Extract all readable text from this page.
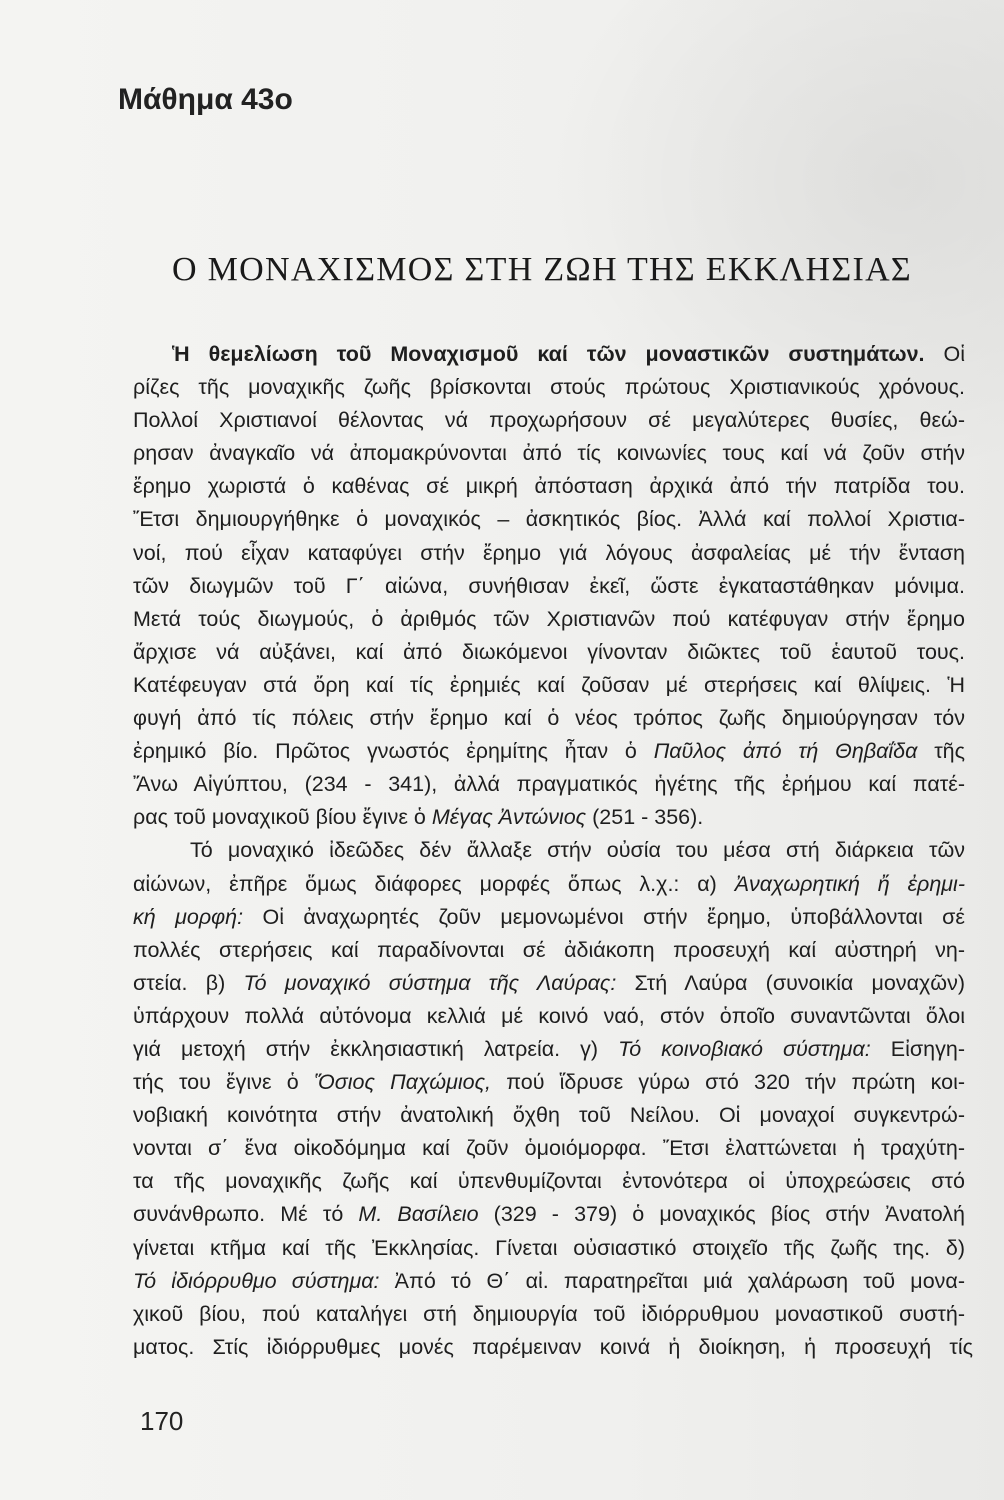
Μάθημα 43ο
Ο ΜΟΝΑΧΙΣΜΟΣ ΣΤΗ ΖΩΗ ΤΗΣ ΕΚΚΛΗΣΙΑΣ
Ἡ θεμελίωση τοῦ Μοναχισμοῦ καί τῶν μοναστικῶν συστημάτων. Οἱ
ρίζες τῆς μοναχικῆς ζωῆς βρίσκονται στούς πρώτους Χριστιανικούς χρόνους.
Πολλοί Χριστιανοί θέλοντας νά προχωρήσουν σέ μεγαλύτερες θυσίες, θεώ-
ρησαν ἀναγκαῖο νά ἀπομακρύνονται ἀπό τίς κοινωνίες τους καί νά ζοῦν στήν
ἔρημο χωριστά ὁ καθένας σέ μικρή ἀπόσταση ἀρχικά ἀπό τήν πατρίδα του.
Ἔτσι δημιουργήθηκε ὁ μοναχικός – ἀσκητικός βίος. Ἀλλά καί πολλοί Χριστια-
νοί, πού εἶχαν καταφύγει στήν ἔρημο γιά λόγους ἀσφαλείας μέ τήν ἔνταση
τῶν διωγμῶν τοῦ Γ΄ αἰώνα, συνήθισαν ἐκεῖ, ὥστε ἐγκαταστάθηκαν μόνιμα.
Μετά τούς διωγμούς, ὁ ἀριθμός τῶν Χριστιανῶν πού κατέφυγαν στήν ἔρημο
ἄρχισε νά αὐξάνει, καί ἀπό διωκόμενοι γίνονταν διῶκτες τοῦ ἑαυτοῦ τους.
Κατέφευγαν στά ὄρη καί τίς ἐρημιές καί ζοῦσαν μέ στερήσεις καί θλίψεις. Ἡ
φυγή ἀπό τίς πόλεις στήν ἔρημο καί ὁ νέος τρόπος ζωῆς δημιούργησαν τόν
ἐρημικό βίο. Πρῶτος γνωστός ἐρημίτης ἦταν ὁ Παῦλος ἀπό τή Θηβαΐδα τῆς
Ἄνω Αἰγύπτου, (234 - 341), ἀλλά πραγματικός ἡγέτης τῆς ἐρήμου καί πατέ-
ρας τοῦ μοναχικοῦ βίου ἔγινε ὁ Μέγας Ἀντώνιος (251 - 356).
Τό μοναχικό ἰδεῶδες δέν ἄλλαξε στήν οὐσία του μέσα στή διάρκεια τῶν
αἰώνων, ἐπῆρε ὅμως διάφορες μορφές ὅπως λ.χ.: α) Ἀναχωρητική ἤ ἐρημι-
κή μορφή: Οἱ ἀναχωρητές ζοῦν μεμονωμένοι στήν ἔρημο, ὑποβάλλονται σέ
πολλές στερήσεις καί παραδίνονται σέ ἀδιάκοπη προσευχή καί αὐστηρή νη-
στεία. β) Τό μοναχικό σύστημα τῆς Λαύρας: Στή Λαύρα (συνοικία μοναχῶν)
ὑπάρχουν πολλά αὐτόνομα κελλιά μέ κοινό ναό, στόν ὁποῖο συναντῶνται ὅλοι
γιά μετοχή στήν ἐκκλησιαστική λατρεία. γ) Τό κοινοβιακό σύστημα: Εἰσηγη-
τής του ἔγινε ὁ Ὅσιος Παχώμιος, πού ἵδρυσε γύρω στό 320 τήν πρώτη κοι-
νοβιακή κοινότητα στήν ἀνατολική ὄχθη τοῦ Νείλου. Οἱ μοναχοί συγκεντρώ-
νονται σ΄ ἕνα οἰκοδόμημα καί ζοῦν ὁμοιόμορφα. Ἔτσι ἐλαττώνεται ἡ τραχύτη-
τα τῆς μοναχικῆς ζωῆς καί ὑπενθυμίζονται ἐντονότερα οἱ ὑποχρεώσεις στό
συνάνθρωπο. Μέ τό Μ. Βασίλειο (329 - 379) ὁ μοναχικός βίος στήν Ἀνατολή
γίνεται κτῆμα καί τῆς Ἐκκλησίας. Γίνεται οὐσιαστικό στοιχεῖο τῆς ζωῆς της. δ)
Τό ἰδιόρρυθμο σύστημα: Ἀπό τό Θ΄ αἰ. παρατηρεῖται μιά χαλάρωση τοῦ μονα-
χικοῦ βίου, πού καταλήγει στή δημιουργία τοῦ ἰδιόρρυθμου μοναστικοῦ συστή-
ματος. Στίς ἰδιόρρυθμες μονές παρέμειναν κοινά ἡ διοίκηση, ἡ προσευχή τίς
170
